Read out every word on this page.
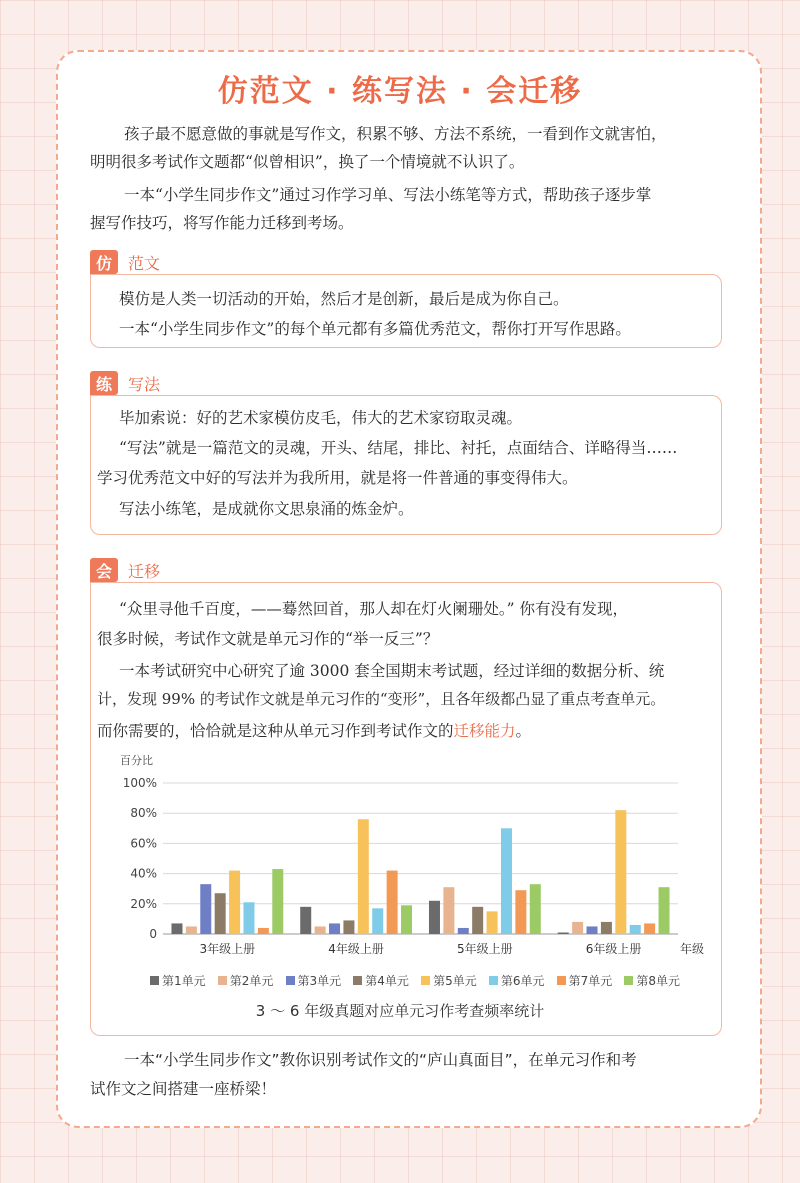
仿范文 · 练写法 · 会迁移

孩子最不愿意做的事就是写作文，积累不够、方法不系统，一看到作文就害怕，

明明很多考试作文题都“似曾相识”，换了一个情境就不认识了。

一本“小学生同步作文”通过习作学习单、写法小练笔等方式，帮助孩子逐步掌

握写作技巧，将写作能力迁移到考场。

仿	范文
模仿是人类一切活动的开始，然后才是创新，最后是成为你自己。
一本“小学生同步作文”的每个单元都有多篇优秀范文，帮你打开写作思路。
练	写法
毕加索说：好的艺术家模仿皮毛，伟大的艺术家窃取灵魂。
“写法”就是一篇范文的灵魂，开头、结尾，排比、衬托，点面结合、详略得当……
学习优秀范文中好的写法并为我所用，就是将一件普通的事变得伟大。
写法小练笔，是成就你文思泉涌的炼金炉。
会	迁移
“众里寻他千百度，——蓦然回首，那人却在灯火阑珊处。” 你有没有发现，
很多时候，考试作文就是单元习作的“举一反三”？
一本考试研究中心研究了逾 3000 套全国期末考试题，经过详细的数据分析、统
计，发现 99% 的考试作文就是单元习作的“变形”，且各年级都凸显了重点考查单元。
而你需要的，恰恰就是这种从单元习作到考试作文的迁移能力。
百分比
0
20%
40%
60%
80%
100%
3年级上册	4年级上册	5年级上册	6年级上册	年级
第1单元 第2单元 第3单元 第4单元 第5单元 第6单元 第7单元 第8单元
3 ～ 6 年级真题对应单元习作考查频率统计

一本“小学生同步作文”教你识别考试作文的“庐山真面目”，在单元习作和考
试作文之间搭建一座桥梁！
